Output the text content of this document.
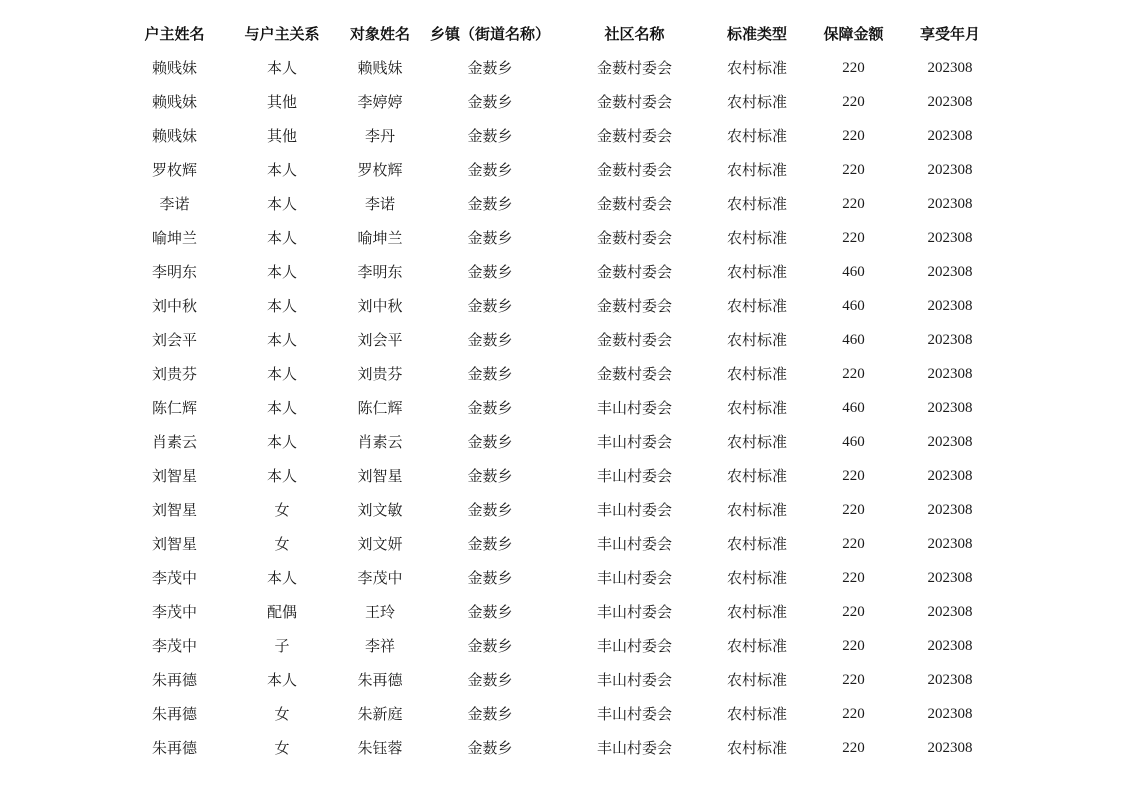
户主姓名	与户主关系	对象姓名	乡镇（街道名称）	社区名称	标准类型	保障金额	享受年月
赖贱妹	本人	赖贱妹	金薮乡	金薮村委会	农村标准	220	202308
赖贱妹	其他	李婷婷	金薮乡	金薮村委会	农村标准	220	202308
赖贱妹	其他	李丹	金薮乡	金薮村委会	农村标准	220	202308
罗枚辉	本人	罗枚辉	金薮乡	金薮村委会	农村标准	220	202308
李诺	本人	李诺	金薮乡	金薮村委会	农村标准	220	202308
喻坤兰	本人	喻坤兰	金薮乡	金薮村委会	农村标准	220	202308
李明东	本人	李明东	金薮乡	金薮村委会	农村标准	460	202308
刘中秋	本人	刘中秋	金薮乡	金薮村委会	农村标准	460	202308
刘会平	本人	刘会平	金薮乡	金薮村委会	农村标准	460	202308
刘贵芬	本人	刘贵芬	金薮乡	金薮村委会	农村标准	220	202308
陈仁辉	本人	陈仁辉	金薮乡	丰山村委会	农村标准	460	202308
肖素云	本人	肖素云	金薮乡	丰山村委会	农村标准	460	202308
刘智星	本人	刘智星	金薮乡	丰山村委会	农村标准	220	202308
刘智星	女	刘文敏	金薮乡	丰山村委会	农村标准	220	202308
刘智星	女	刘文妍	金薮乡	丰山村委会	农村标准	220	202308
李茂中	本人	李茂中	金薮乡	丰山村委会	农村标准	220	202308
李茂中	配偶	王玲	金薮乡	丰山村委会	农村标准	220	202308
李茂中	子	李祥	金薮乡	丰山村委会	农村标准	220	202308
朱再德	本人	朱再德	金薮乡	丰山村委会	农村标准	220	202308
朱再德	女	朱新庭	金薮乡	丰山村委会	农村标准	220	202308
朱再德	女	朱钰蓉	金薮乡	丰山村委会	农村标准	220	202308
